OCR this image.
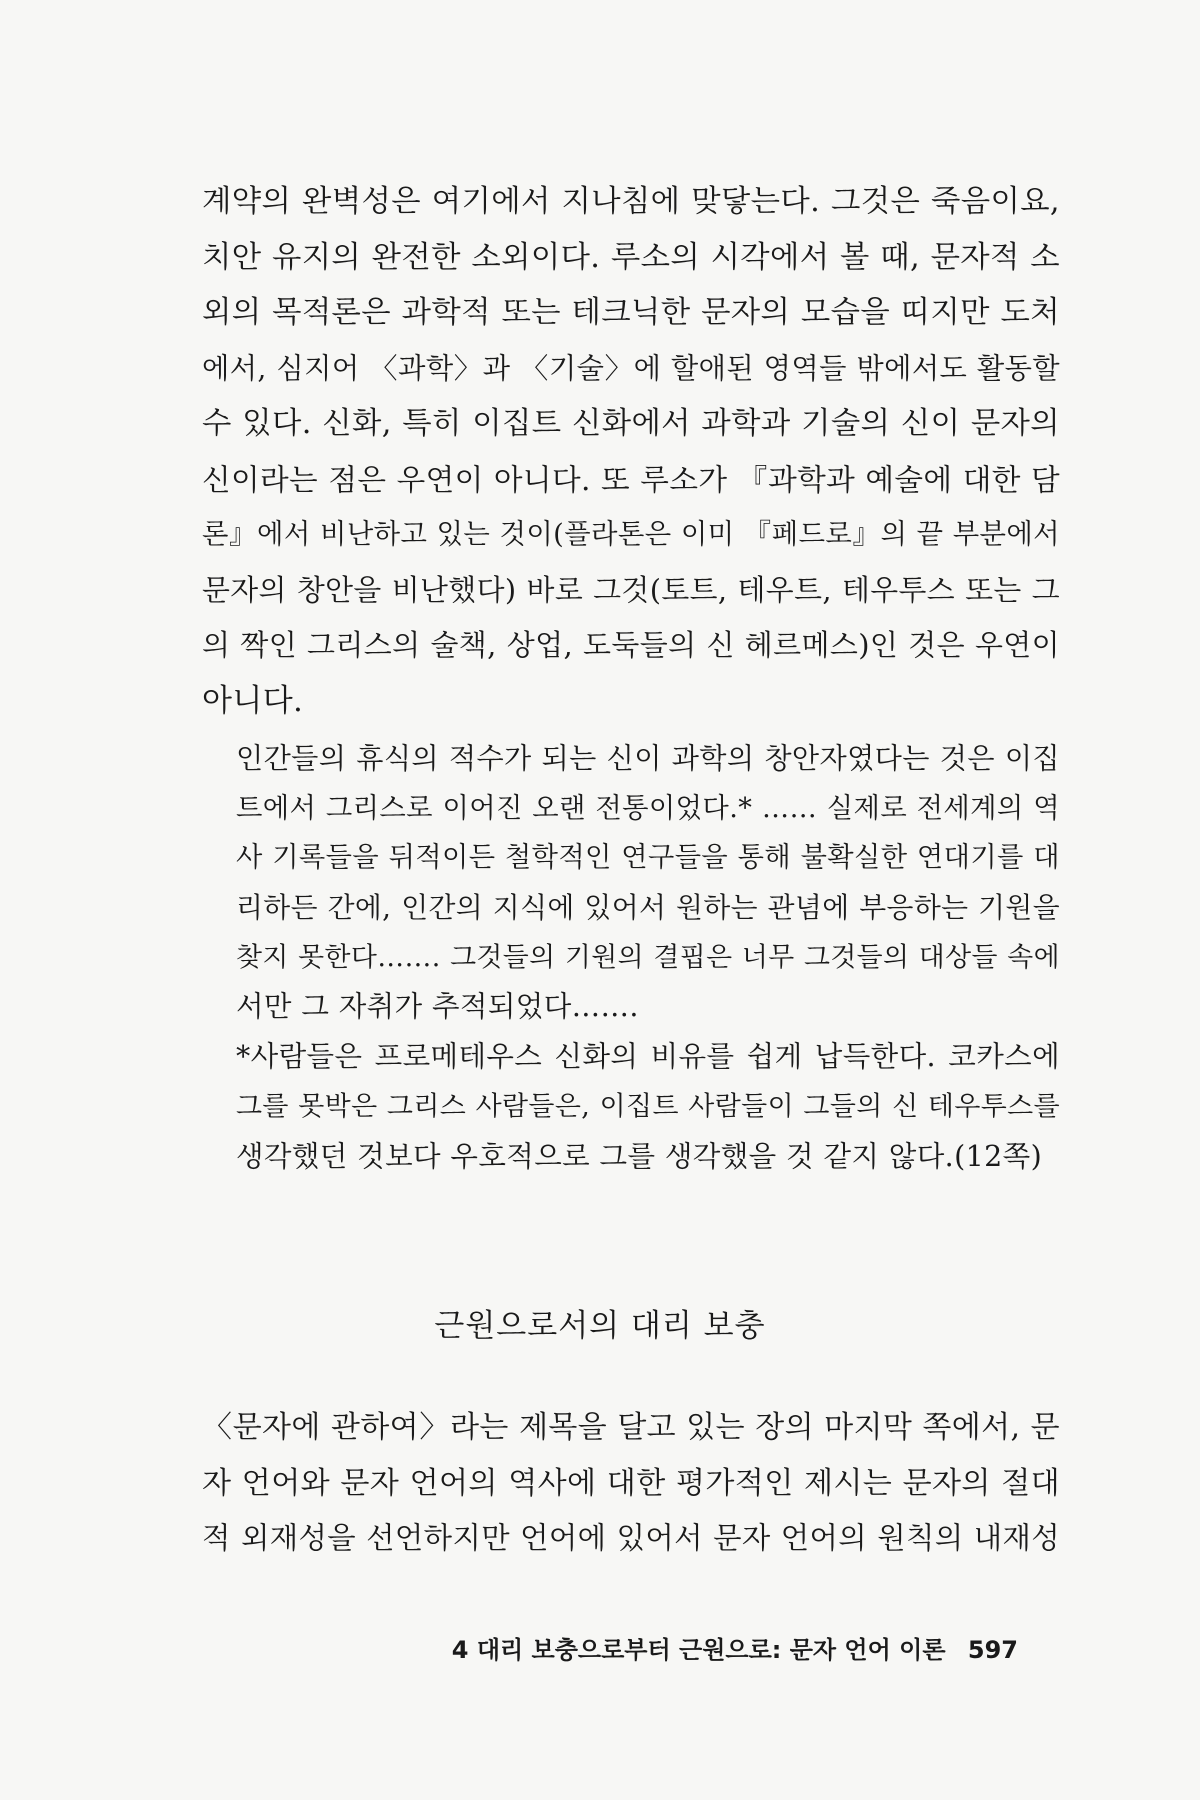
계약의 완벽성은 여기에서 지나침에 맞닿는다. 그것은 죽음이요,
치안 유지의 완전한 소외이다. 루소의 시각에서 볼 때, 문자적 소
외의 목적론은 과학적 또는 테크닉한 문자의 모습을 띠지만 도처
에서, 심지어 〈과학〉과 〈기술〉에 할애된 영역들 밖에서도 활동할
수 있다. 신화, 특히 이집트 신화에서 과학과 기술의 신이 문자의
신이라는 점은 우연이 아니다. 또 루소가 『과학과 예술에 대한 담
론』에서 비난하고 있는 것이(플라톤은 이미 『페드로』의 끝 부분에서
문자의 창안을 비난했다) 바로 그것(토트, 테우트, 테우투스 또는 그
의 짝인 그리스의 술책, 상업, 도둑들의 신 헤르메스)인 것은 우연이
아니다.
인간들의 휴식의 적수가 되는 신이 과학의 창안자였다는 것은 이집
트에서 그리스로 이어진 오랜 전통이었다.* …… 실제로 전세계의 역
사 기록들을 뒤적이든 철학적인 연구들을 통해 불확실한 연대기를 대
리하든 간에, 인간의 지식에 있어서 원하는 관념에 부응하는 기원을
찾지 못한다……. 그것들의 기원의 결핍은 너무 그것들의 대상들 속에
서만 그 자취가 추적되었다…….
*사람들은 프로메테우스 신화의 비유를 쉽게 납득한다. 코카스에
그를 못박은 그리스 사람들은, 이집트 사람들이 그들의 신 테우투스를
생각했던 것보다 우호적으로 그를 생각했을 것 같지 않다.(12쪽)
근원으로서의 대리 보충
〈문자에 관하여〉라는 제목을 달고 있는 장의 마지막 쪽에서, 문
자 언어와 문자 언어의 역사에 대한 평가적인 제시는 문자의 절대
적 외재성을 선언하지만 언어에 있어서 문자 언어의 원칙의 내재성
4 대리 보충으로부터 근원으로: 문자 언어 이론 597
